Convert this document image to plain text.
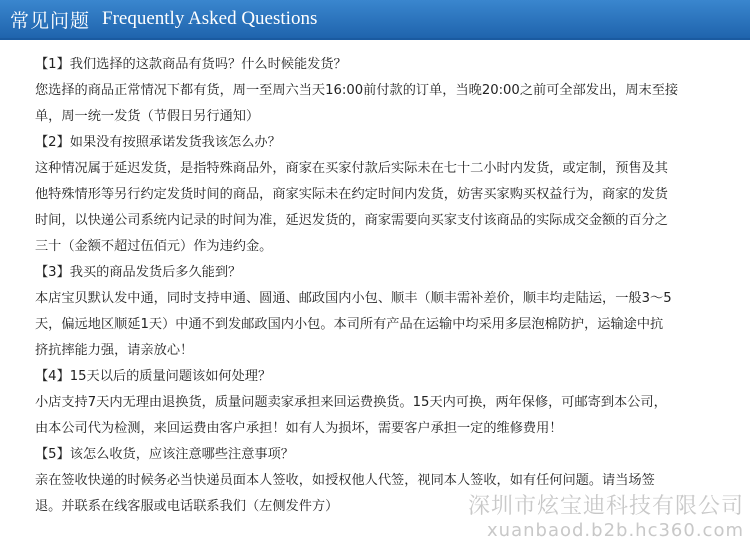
常见问题 Frequently Asked Questions
【1】我们选择的这款商品有货吗？什么时候能发货？
您选择的商品正常情况下都有货，周一至周六当天16:00前付款的订单，当晚20:00之前可全部发出，周末至接
单，周一统一发货（节假日另行通知）
【2】如果没有按照承诺发货我该怎么办？
这种情况属于延迟发货，是指特殊商品外，商家在买家付款后实际未在七十二小时内发货，或定制，预售及其
他特殊情形等另行约定发货时间的商品，商家实际未在约定时间内发货，妨害买家购买权益行为，商家的发货
时间，以快递公司系统内记录的时间为准，延迟发货的，商家需要向买家支付该商品的实际成交金额的百分之
三十（金额不超过伍佰元）作为违约金。
【3】我买的商品发货后多久能到？
本店宝贝默认发中通，同时支持申通、圆通、邮政国内小包、顺丰（顺丰需补差价，顺丰均走陆运，一般3～5
天，偏远地区顺延1天）中通不到发邮政国内小包。本司所有产品在运输中均采用多层泡棉防护，运输途中抗
挤抗摔能力强，请亲放心！
【4】15天以后的质量问题该如何处理？
小店支持7天内无理由退换货，质量问题卖家承担来回运费换货。15天内可换，两年保修，可邮寄到本公司，
由本公司代为检测，来回运费由客户承担！如有人为损坏，需要客户承担一定的维修费用！
【5】该怎么收货，应该注意哪些注意事项？
亲在签收快递的时候务必当快递员面本人签收，如授权他人代签，视同本人签收，如有任何问题。请当场签
退。并联系在线客服或电话联系我们（左侧发件方）	深圳市炫宝迪科技有限公司
xuanbaod.b2b.hc360.com
